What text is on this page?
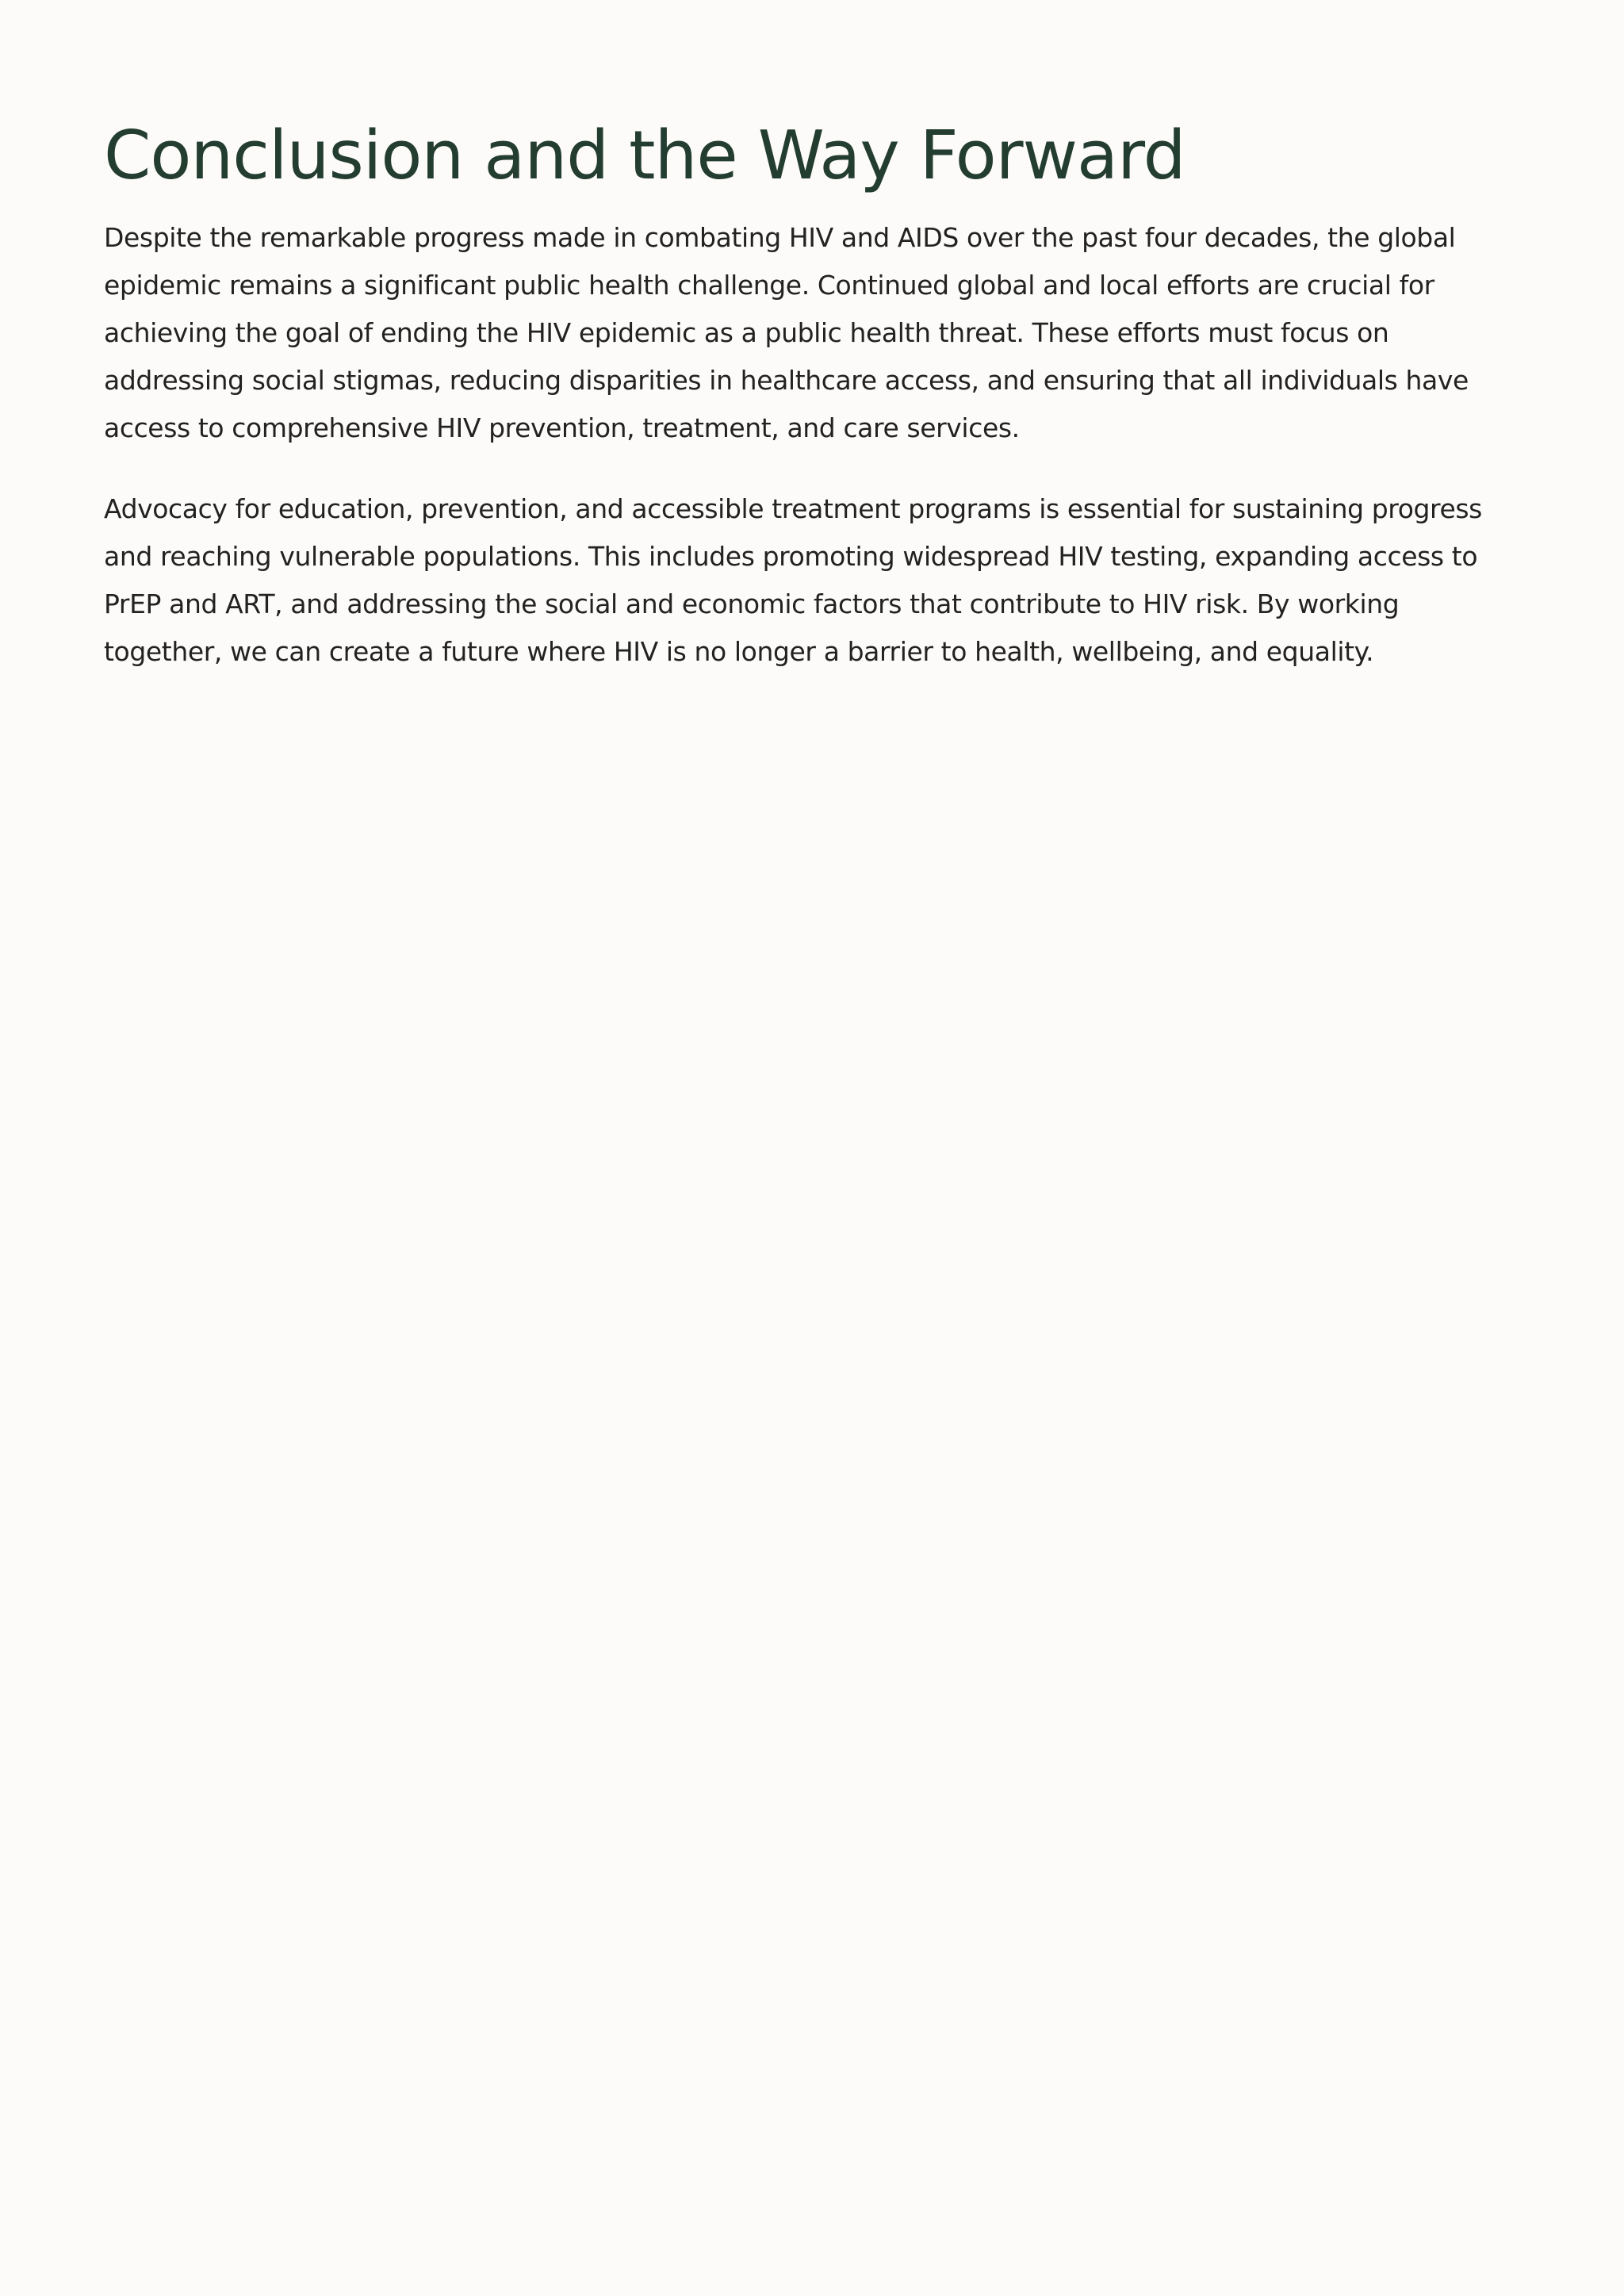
Conclusion and the Way Forward

Despite the remarkable progress made in combating HIV and AIDS over the past four decades, the global epidemic remains a significant public health challenge. Continued global and local efforts are crucial for achieving the goal of ending the HIV epidemic as a public health threat. These efforts must focus on addressing social stigmas, reducing disparities in healthcare access, and ensuring that all individuals have access to comprehensive HIV prevention, treatment, and care services.

Advocacy for education, prevention, and accessible treatment programs is essential for sustaining progress and reaching vulnerable populations. This includes promoting widespread HIV testing, expanding access to PrEP and ART, and addressing the social and economic factors that contribute to HIV risk. By working together, we can create a future where HIV is no longer a barrier to health, wellbeing, and equality.
